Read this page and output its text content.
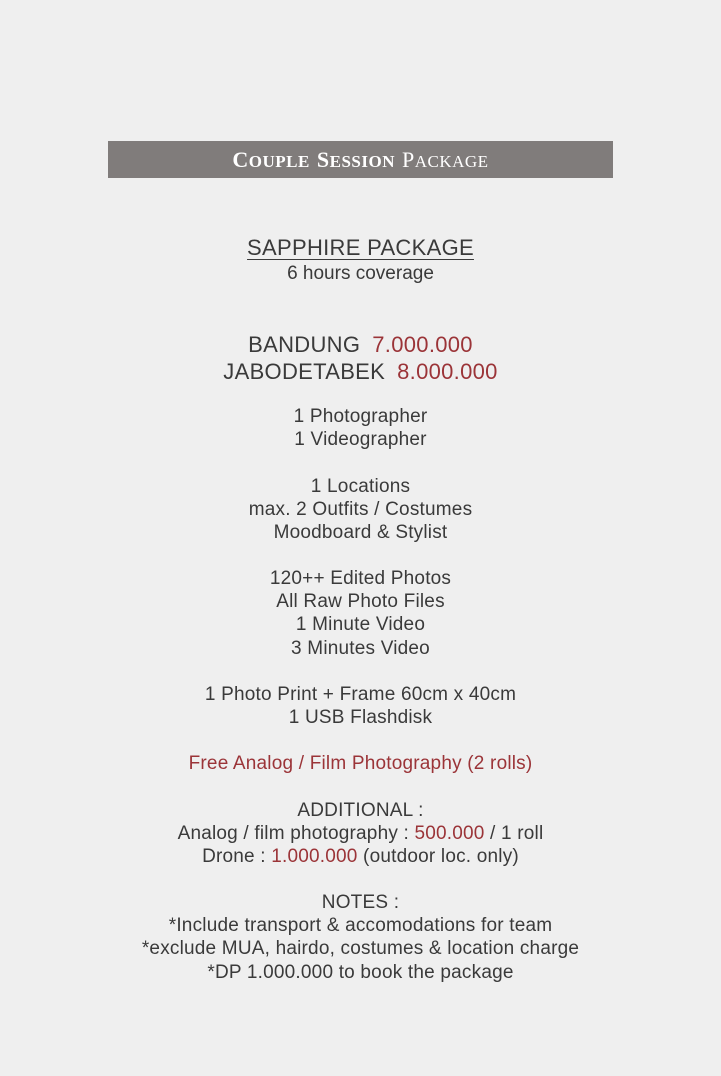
COUPLE SESSION PACKAGE
SAPPHIRE PACKAGE
6 hours coverage
BANDUNG 7.000.000
JABODETABEK 8.000.000
1 Photographer
1 Videographer
1 Locations
max. 2 Outfits / Costumes
Moodboard & Stylist
120++ Edited Photos
All Raw Photo Files
1 Minute Video
3 Minutes Video
1 Photo Print + Frame 60cm x 40cm
1 USB Flashdisk
Free Analog / Film Photography (2 rolls)
ADDITIONAL :
Analog / film photography : 500.000 / 1 roll
Drone : 1.000.000 (outdoor loc. only)
NOTES :
*Include transport & accomodations for team
*exclude MUA, hairdo, costumes & location charge
*DP 1.000.000 to book the package
